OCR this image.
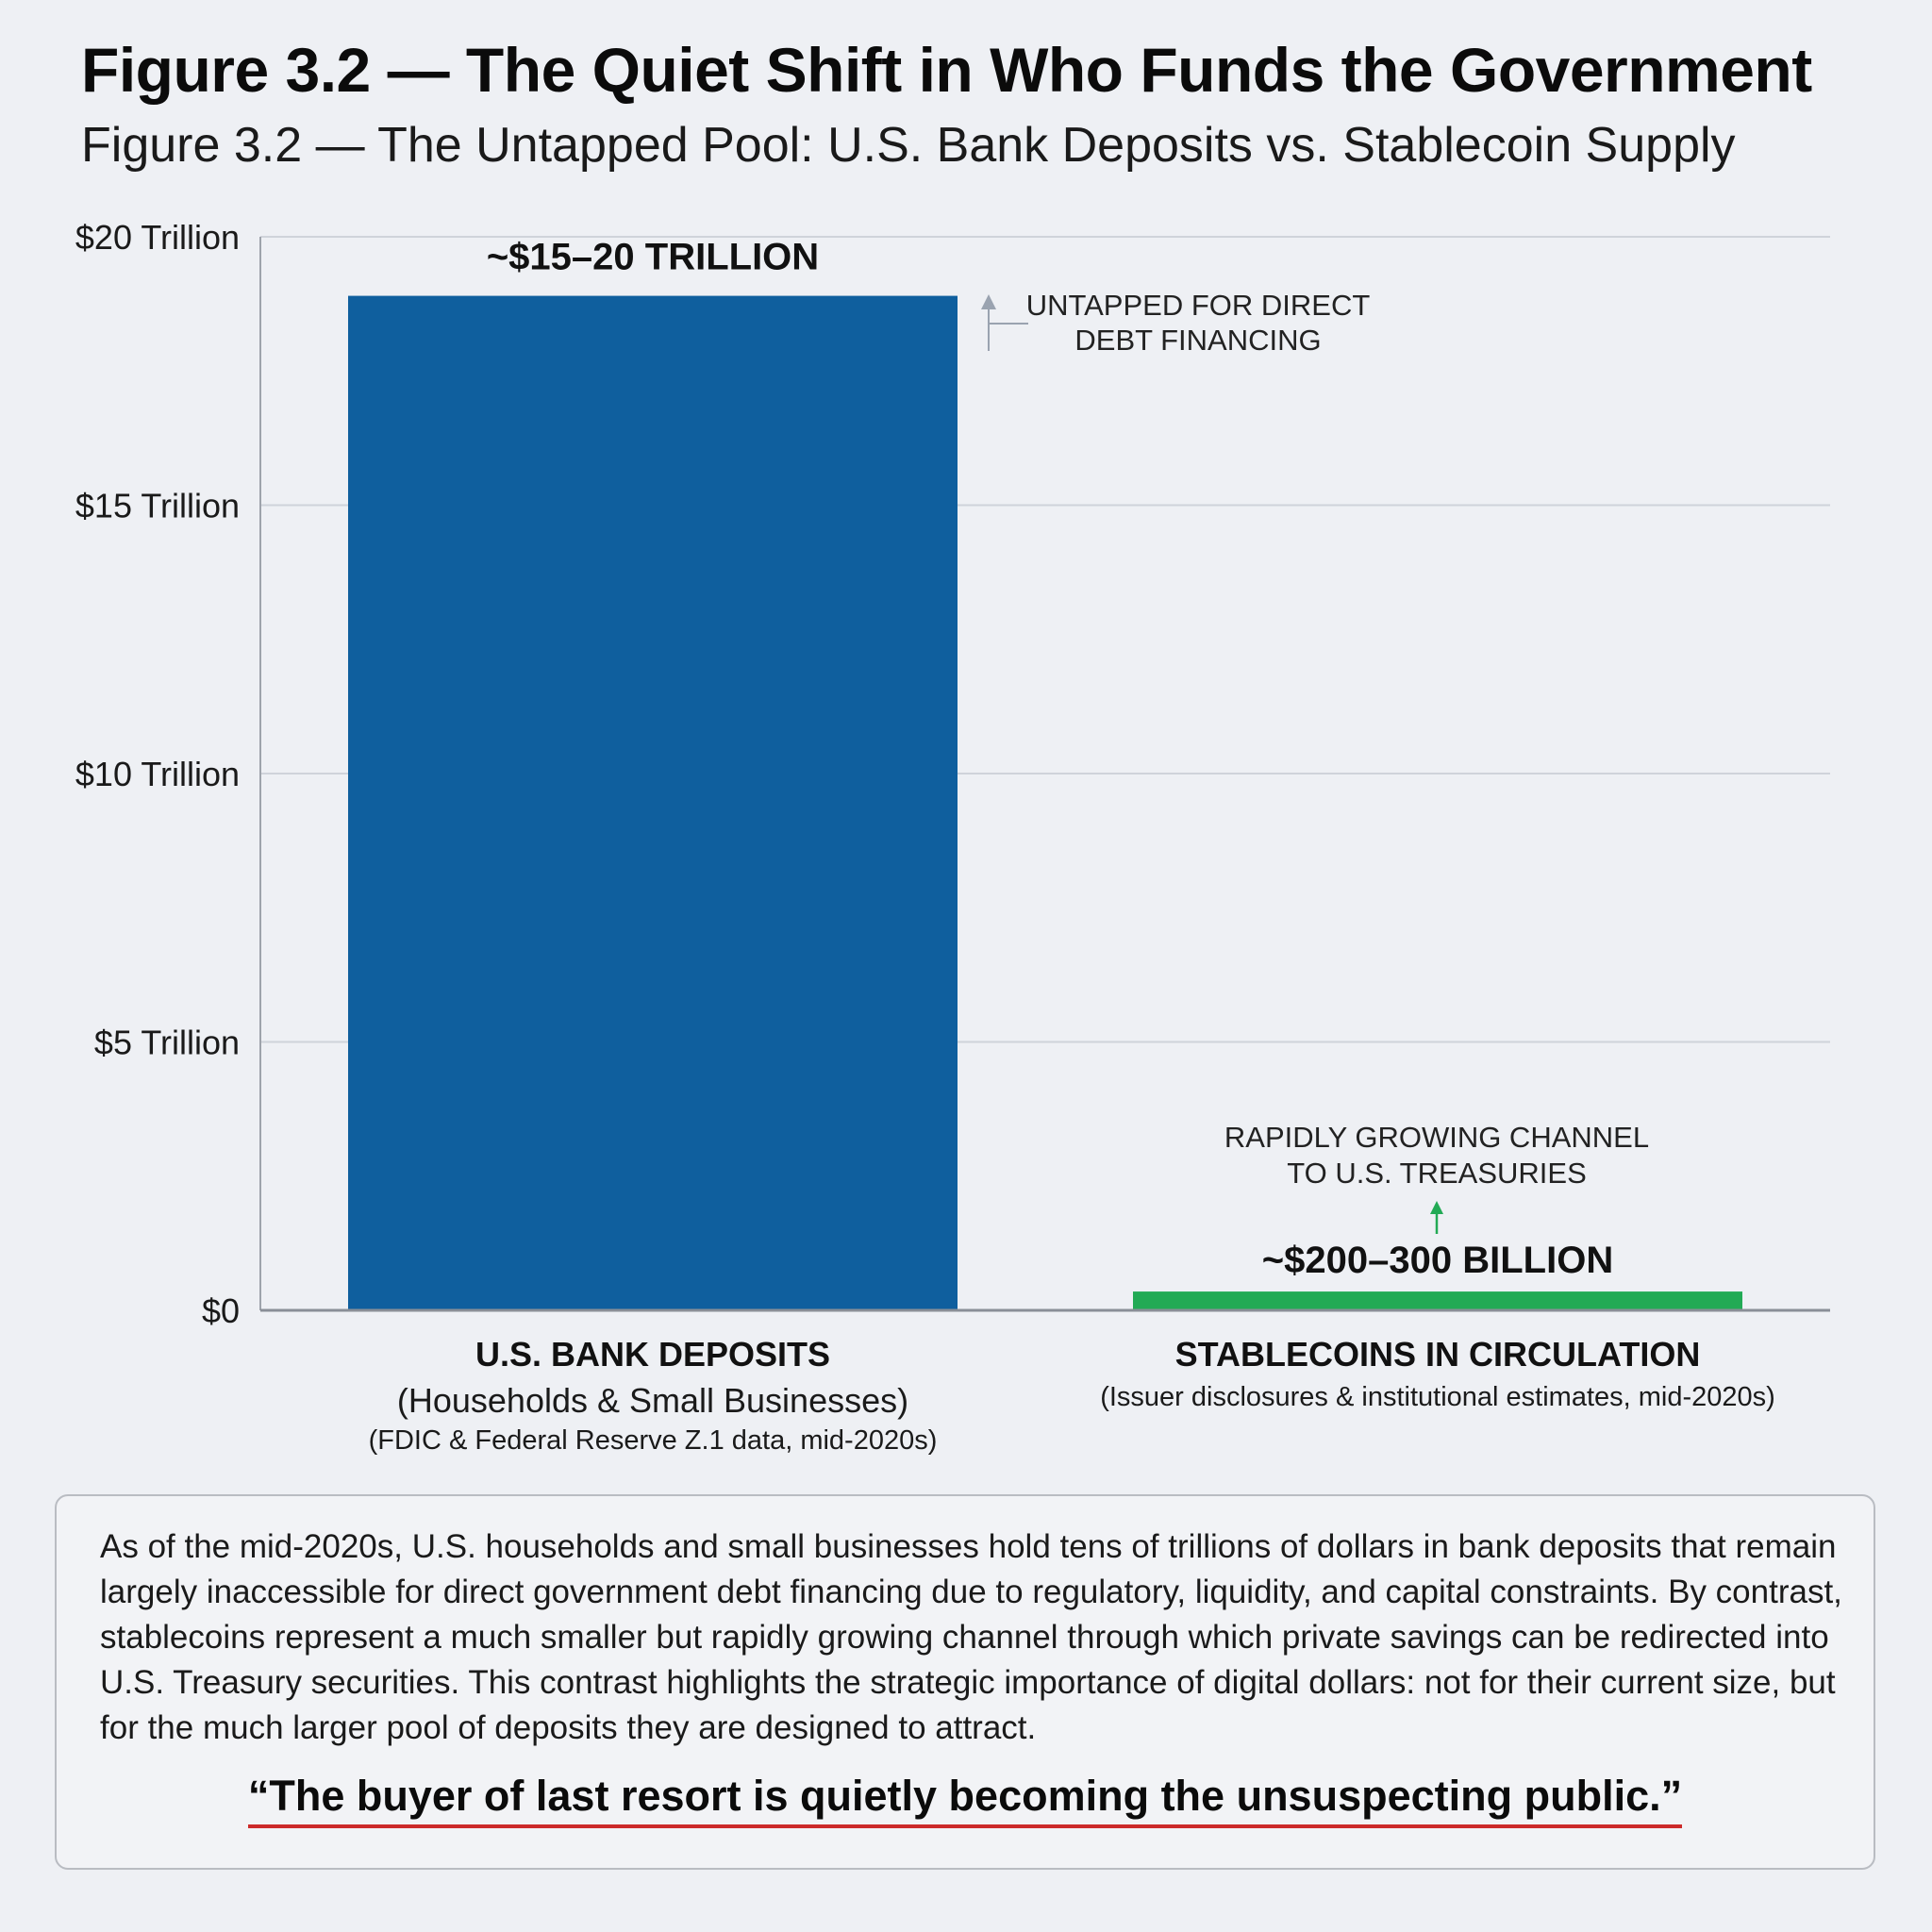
Figure 3.2 — The Quiet Shift in Who Funds the Government
Figure 3.2 — The Untapped Pool: U.S. Bank Deposits vs. Stablecoin Supply
$0
$5 Trillion
$10 Trillion
$15 Trillion
$20 Trillion	~$15–20 TRILLION
~$200–300 BILLION
U.S. BANK DEPOSITS
(Households & Small Businesses)
(FDIC & Federal Reserve Z.1 data, mid-2020s)
STABLECOINS IN CIRCULATION
(Issuer disclosures & institutional estimates, mid-2020s)
UNTAPPED FOR DIRECT
DEBT FINANCING
RAPIDLY GROWING CHANNEL
TO U.S. TREASURIES
As of the mid-2020s, U.S. households and small businesses hold tens of trillions of dollars in bank deposits that remain largely inaccessible for direct government debt financing due to regulatory, liquidity, and capital constraints. By contrast, stablecoins represent a much smaller but rapidly growing channel through which private savings can be redirected into U.S. Treasury securities. This contrast highlights the strategic importance of digital dollars: not for their current size, but for the much larger pool of deposits they are designed to attract.
“The buyer of last resort is quietly becoming the unsuspecting public.”
